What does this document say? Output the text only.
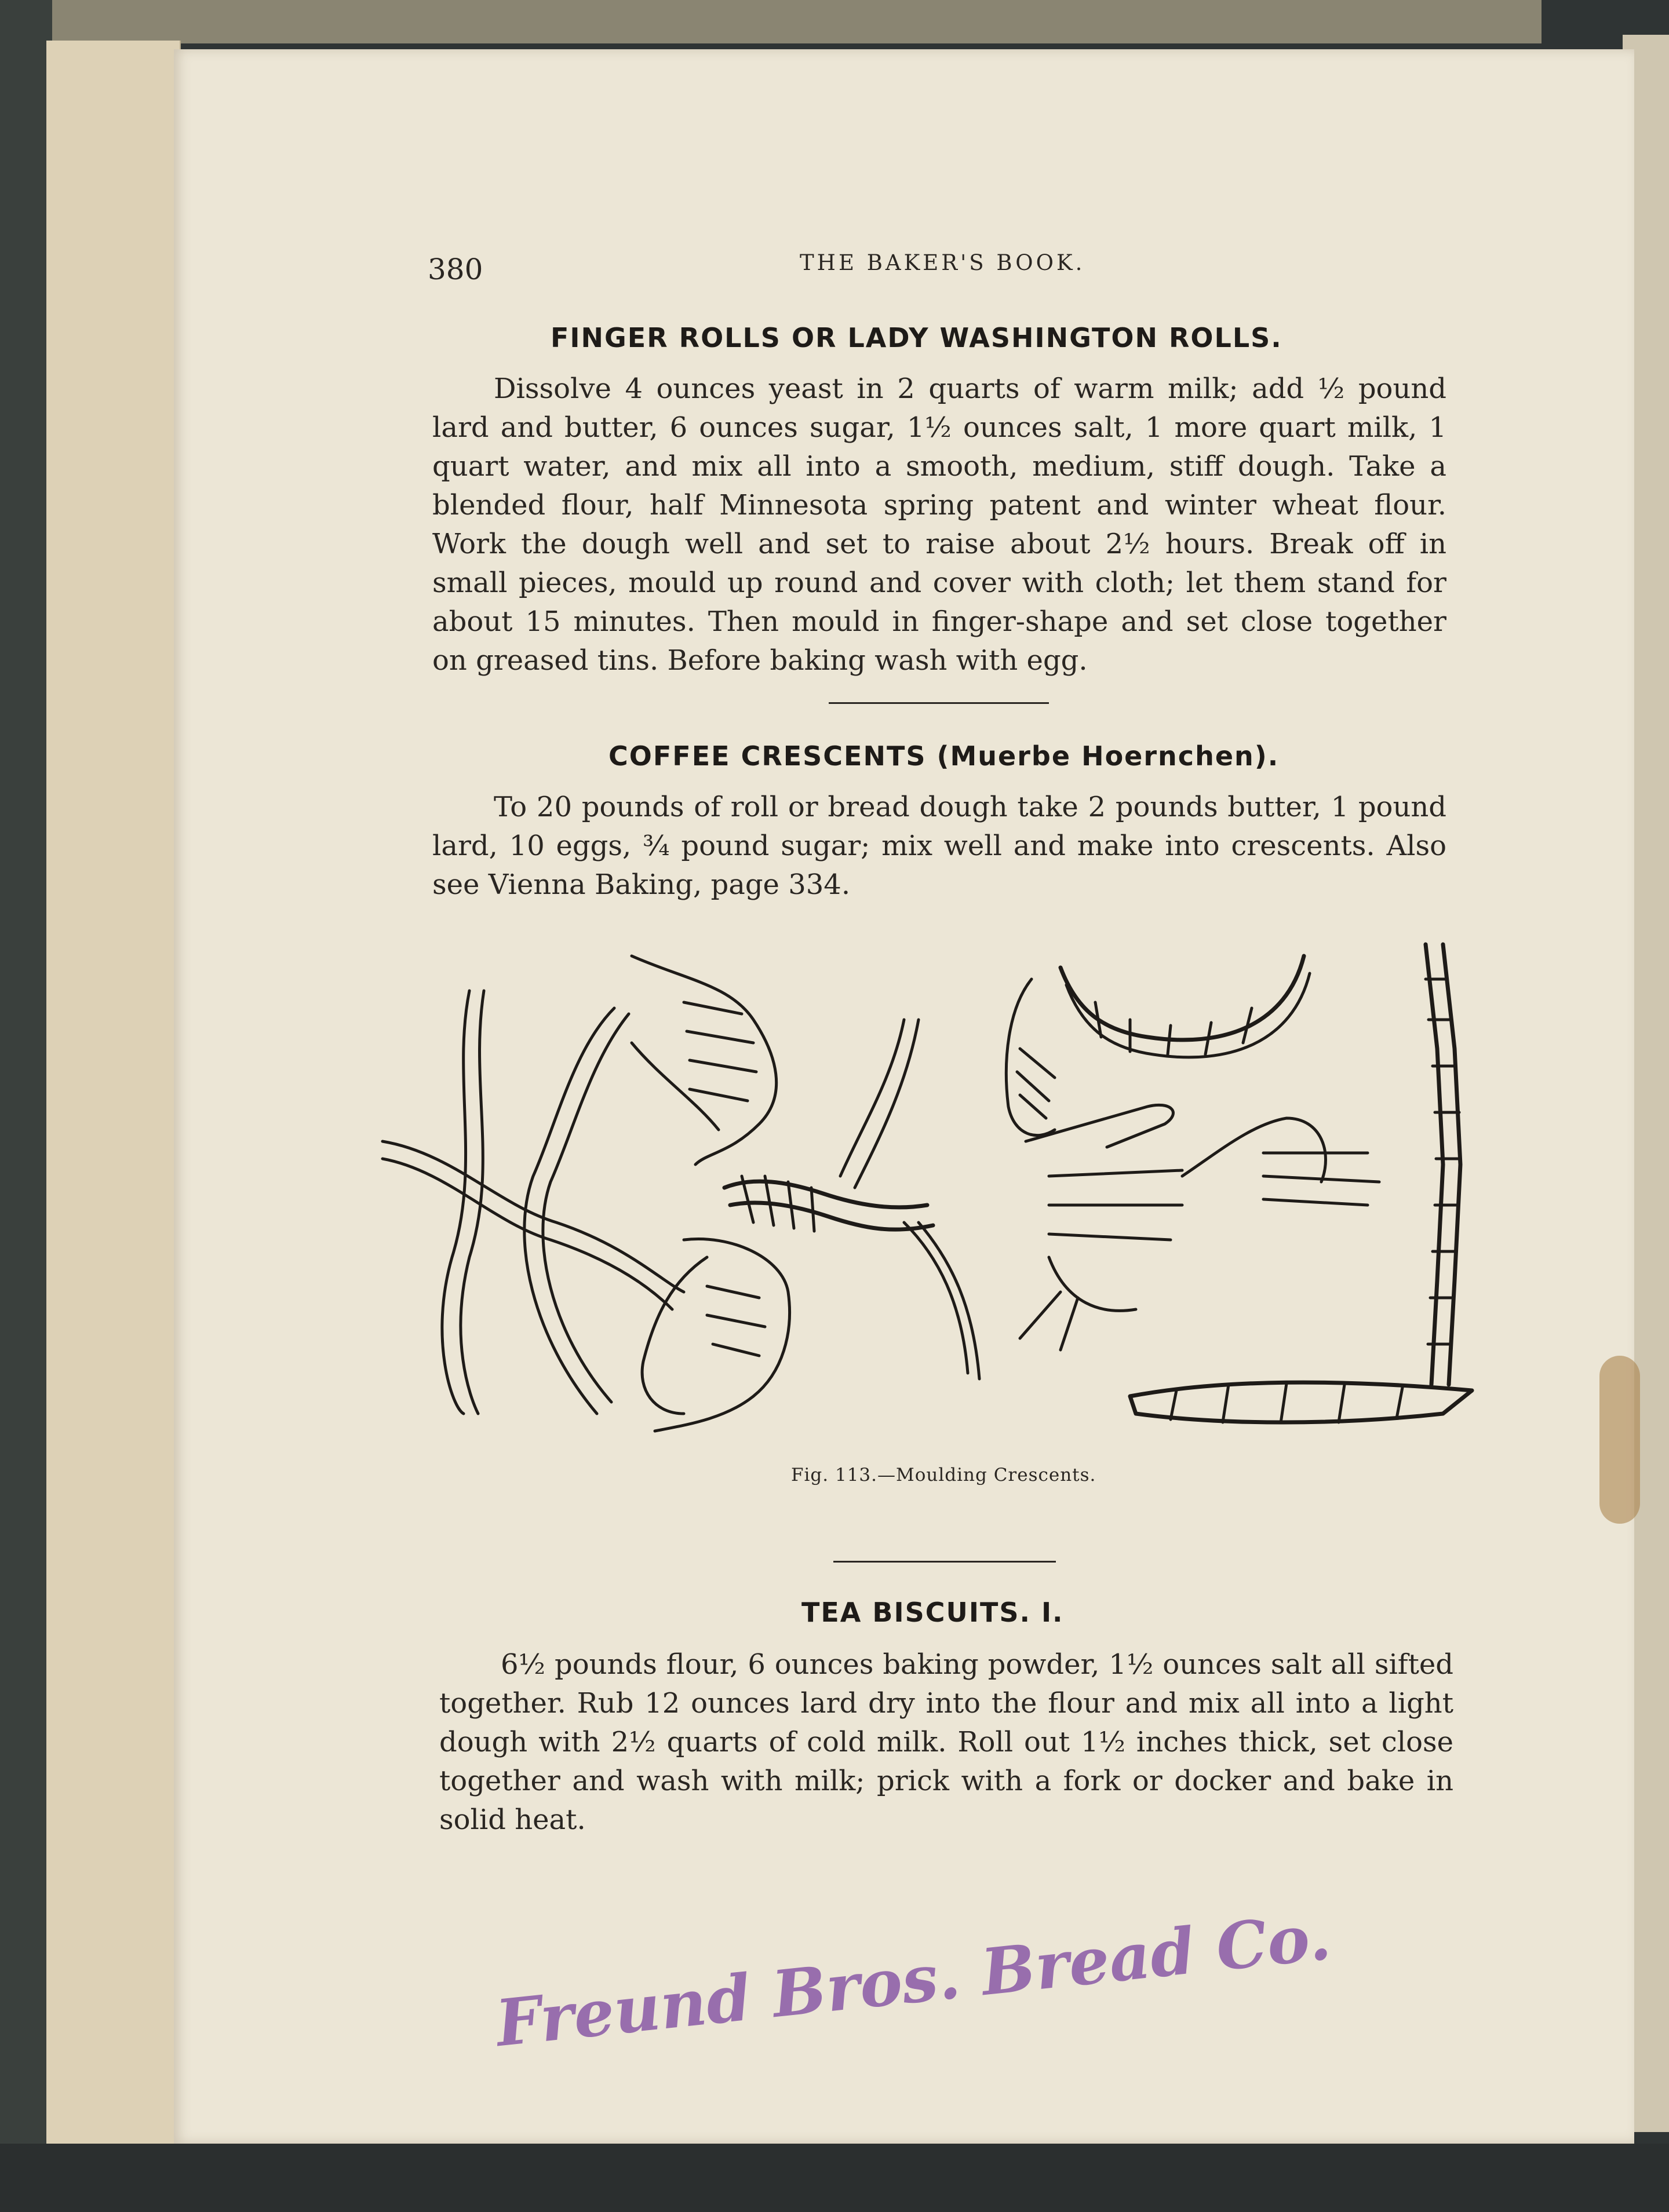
380	THE BAKER'S BOOK.
FINGER ROLLS OR LADY WASHINGTON ROLLS.
Dissolve 4 ounces yeast in 2 quarts of warm milk; add ½ pound lard and butter, 6 ounces sugar, 1½ ounces salt, 1 more quart milk, 1 quart water, and mix all into a smooth, medium, stiff dough. Take a blended flour, half Minnesota spring patent and winter wheat flour. Work the dough well and set to raise about 2½ hours. Break off in small pieces, mould up round and cover with cloth; let them stand for about 15 minutes. Then mould in finger-shape and set close together on greased tins. Before baking wash with egg.
COFFEE CRESCENTS (Muerbe Hoernchen).
To 20 pounds of roll or bread dough take 2 pounds butter, 1 pound lard, 10 eggs, ¾ pound sugar; mix well and make into crescents. Also see Vienna Baking, page 334.
Fig. 113.—Moulding Crescents.
TEA BISCUITS. I.
6½ pounds flour, 6 ounces baking powder, 1½ ounces salt all sifted together. Rub 12 ounces lard dry into the flour and mix all into a light dough with 2½ quarts of cold milk. Roll out 1½ inches thick, set close together and wash with milk; prick with a fork or docker and bake in solid heat.
Freund Bros. Bread Co.
